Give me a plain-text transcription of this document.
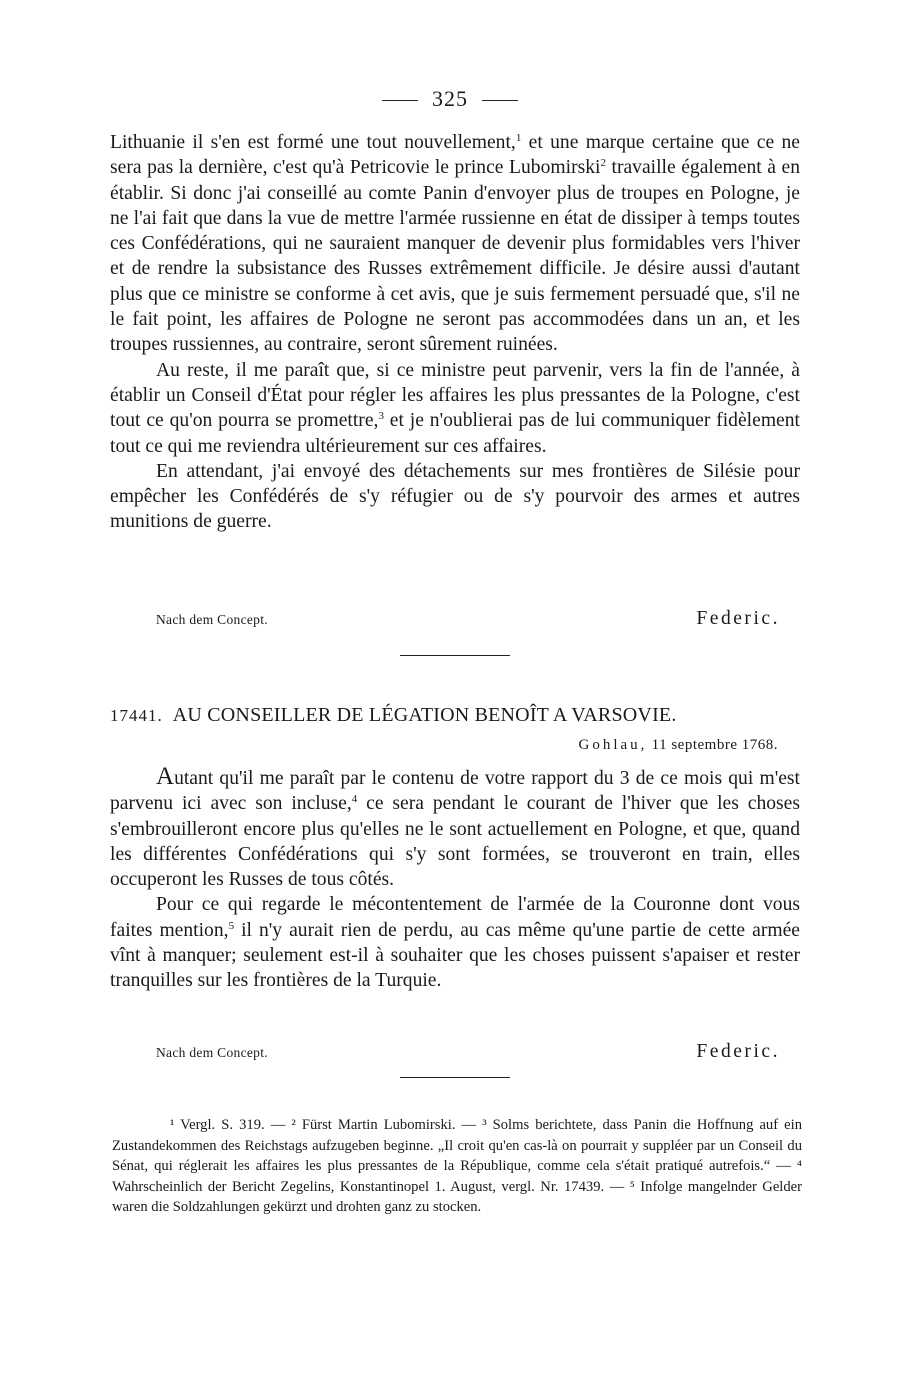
325

Lithuanie il s'en est formé une tout nouvellement,$^1$ et une marque certaine que ce ne sera pas la dernière, c'est qu'à Petricovie le prince Lubomirski$^2$ travaille également à en établir. Si donc j'ai conseillé au comte Panin d'envoyer plus de troupes en Pologne, je ne l'ai fait que dans la vue de mettre l'armée russienne en état de dissiper à temps toutes ces Confédérations, qui ne sauraient manquer de devenir plus formidables vers l'hiver et de rendre la subsistance des Russes extrêmement difficile. Je désire aussi d'autant plus que ce ministre se conforme à cet avis, que je suis fermement persuadé que, s'il ne le fait point, les affaires de Pologne ne seront pas accommodées dans un an, et les troupes russiennes, au contraire, seront sûrement ruinées.

Au reste, il me paraît que, si ce ministre peut parvenir, vers la fin de l'année, à établir un Conseil d'État pour régler les affaires les plus pressantes de la Pologne, c'est tout ce qu'on pourra se promettre,$^3$ et je n'oublierai pas de lui communiquer fidèlement tout ce qui me reviendra ultérieurement sur ces affaires.

En attendant, j'ai envoyé des détachements sur mes frontières de Silésie pour empêcher les Confédérés de s'y réfugier ou de s'y pourvoir des armes et autres munitions de guerre.

Nach dem Concept.	Federic.
17441. AU CONSEILLER DE LÉGATION BENOÎT A VARSOVIE.
Gohlau, 11 septembre 1768.

Autant qu'il me paraît par le contenu de votre rapport du 3 de ce mois qui m'est parvenu ici avec son incluse,$^4$ ce sera pendant le courant de l'hiver que les choses s'embrouilleront encore plus qu'elles ne le sont actuellement en Pologne, et que, quand les différentes Confédérations qui s'y sont formées, se trouveront en train, elles occuperont les Russes de tous côtés.

Pour ce qui regarde le mécontentement de l'armée de la Couronne dont vous faites mention,$^5$ il n'y aurait rien de perdu, au cas même qu'une partie de cette armée vînt à manquer; seulement est-il à souhaiter que les choses puissent s'apaiser et rester tranquilles sur les frontières de la Turquie.

Nach dem Concept.	Federic.

¹ Vergl. S. 319. — ² Fürst Martin Lubomirski. — ³ Solms berichtete, dass Panin die Hoffnung auf ein Zustandekommen des Reichstags aufzugeben beginne. „Il croit qu'en cas-là on pourrait y suppléer par un Conseil du Sénat, qui réglerait les affaires les plus pressantes de la République, comme cela s'était pratiqué autrefois.“ — ⁴ Wahrscheinlich der Bericht Zegelins, Konstantinopel 1. August, vergl. Nr. 17439. — ⁵ Infolge mangelnder Gelder waren die Soldzahlungen gekürzt und drohten ganz zu stocken.
